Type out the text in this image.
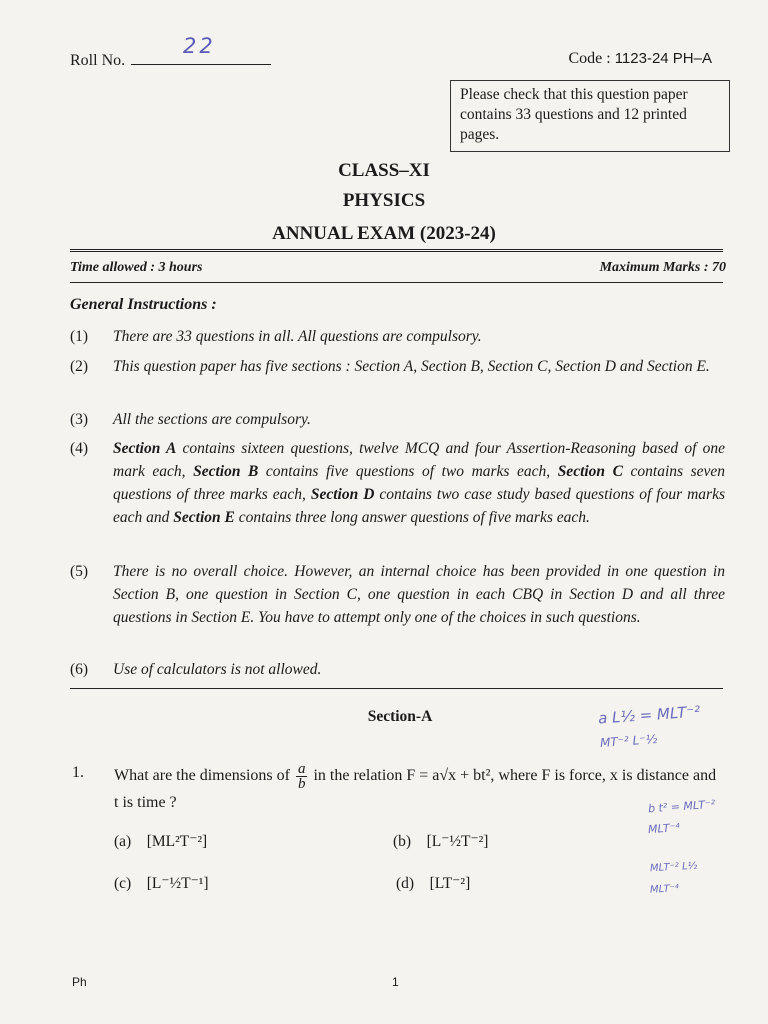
Roll No.
22
Code : 1123-24 PH–A
Please check that this question paper contains 33 questions and 12 printed pages.
CLASS–XI
PHYSICS
ANNUAL EXAM (2023-24)
Time allowed : 3 hours	Maximum Marks : 70
General Instructions :
(1) There are 33 questions in all. All questions are compulsory.
(2) This question paper has five sections : Section A, Section B, Section C, Section D and Section E.
(3) All the sections are compulsory.
(4) Section A contains sixteen questions, twelve MCQ and four Assertion-Reasoning based of one mark each, Section B contains five questions of two marks each, Section C contains seven questions of three marks each, Section D contains two case study based questions of four marks each and Section E contains three long answer questions of five marks each.
(5) There is no overall choice. However, an internal choice has been provided in one question in Section B, one question in Section C, one question in each CBQ in Section D and all three questions in Section E. You have to attempt only one of the choices in such questions.
(6) Use of calculators is not allowed.
Section-A
1. What are the dimensions of $\frac{a}{b}$ in the relation F = a√x + bt², where F is force, x is distance and t is time ?
(a) [ML²T⁻²]	(b) [L⁻½T⁻²]
(c) [L⁻½T⁻¹]	(d) [LT⁻²]
a L½ = MLT⁻²
MT⁻² L⁻½
b t² = MLT⁻²
MLT⁻⁴
MLT⁻² L½
MLT⁻⁴
Ph	1
